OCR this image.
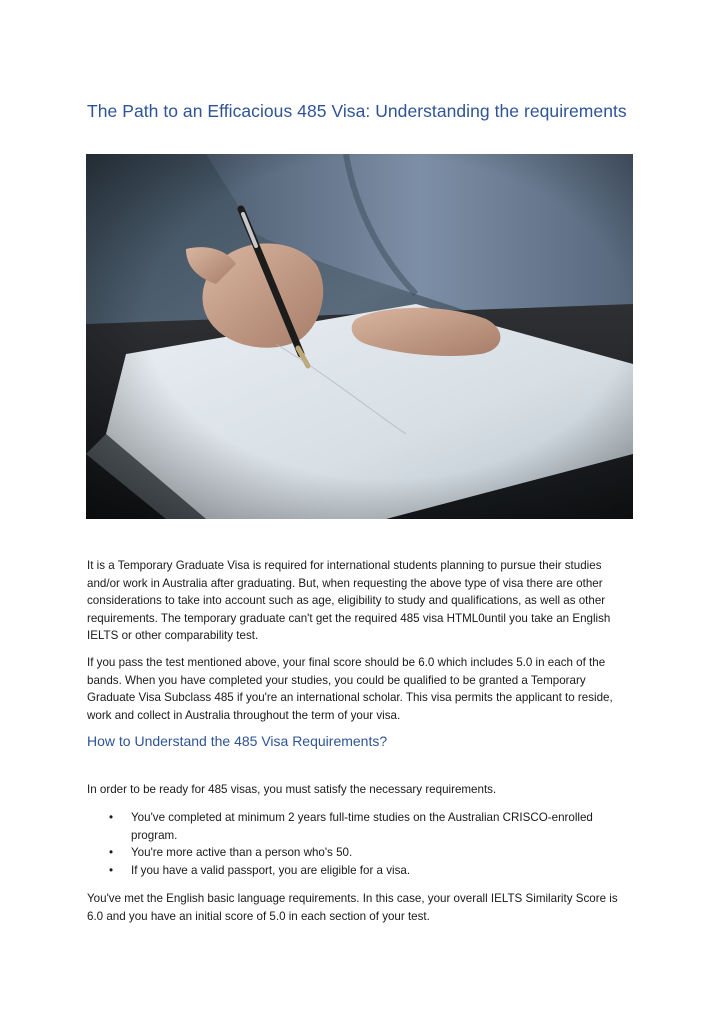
The Path to an Efficacious 485 Visa: Understanding the requirements

It is a Temporary Graduate Visa is required for international students planning to pursue their studies and/or work in Australia after graduating. But, when requesting the above type of visa there are other considerations to take into account such as age, eligibility to study and qualifications, as well as other requirements. The temporary graduate can't get the required 485 visa HTML0until you take an English IELTS or other comparability test.

If you pass the test mentioned above, your final score should be 6.0 which includes 5.0 in each of the bands. When you have completed your studies, you could be qualified to be granted a Temporary Graduate Visa Subclass 485 if you're an international scholar. This visa permits the applicant to reside, work and collect in Australia throughout the term of your visa.

How to Understand the 485 Visa Requirements?

In order to be ready for 485 visas, you must satisfy the necessary requirements.

• You've completed at minimum 2 years full-time studies on the Australian CRISCO-enrolled program.
• You're more active than a person who's 50.
• If you have a valid passport, you are eligible for a visa.

You've met the English basic language requirements. In this case, your overall IELTS Similarity Score is 6.0 and you have an initial score of 5.0 in each section of your test.
